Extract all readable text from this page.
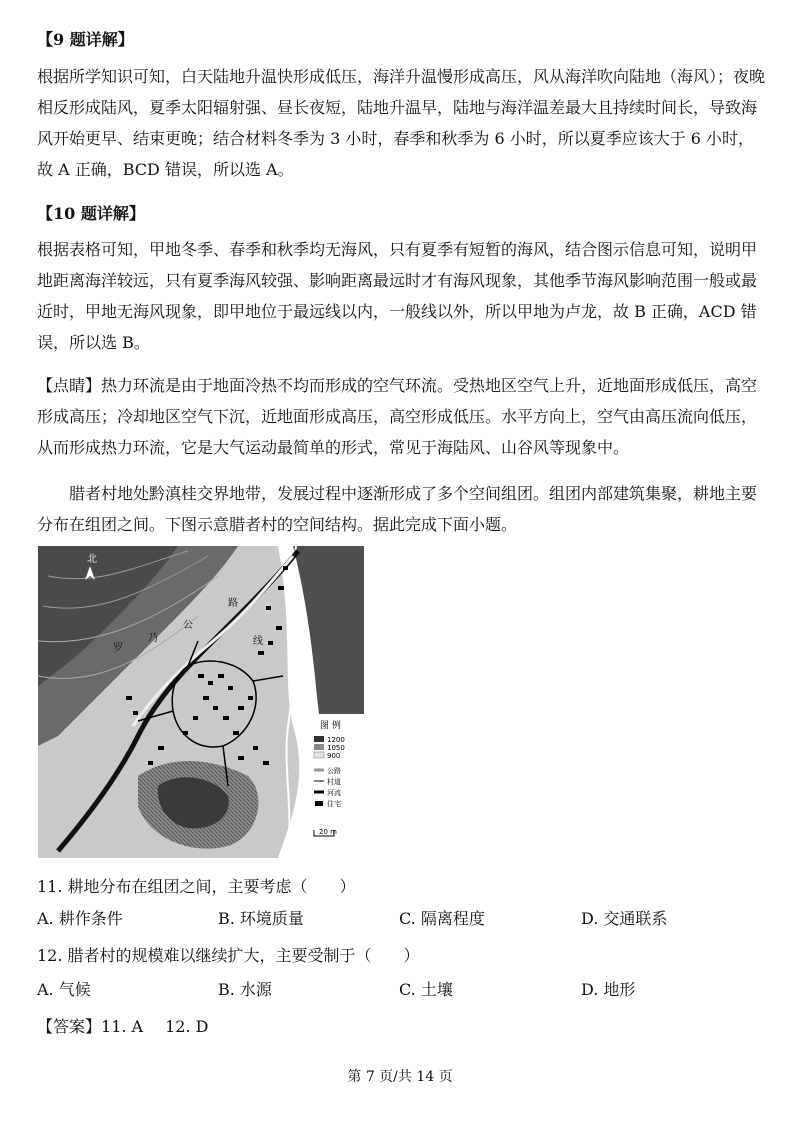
【9 题详解】

根据所学知识可知，白天陆地升温快形成低压，海洋升温慢形成高压，风从海洋吹向陆地（海风）；夜晚相反形成陆风，夏季太阳辐射强、昼长夜短，陆地升温早，陆地与海洋温差最大且持续时间长，导致海风开始更早、结束更晚；结合材料冬季为 3 小时，春季和秋季为 6 小时，所以夏季应该大于 6 小时，故 A 正确，BCD 错误，所以选 A。

【10 题详解】

根据表格可知，甲地冬季、春季和秋季均无海风，只有夏季有短暂的海风，结合图示信息可知，说明甲地距离海洋较远，只有夏季海风较强、影响距离最远时才有海风现象，其他季节海风影响范围一般或最近时，甲地无海风现象，即甲地位于最远线以内，一般线以外，所以甲地为卢龙，故 B 正确，ACD 错误，所以选 B。

【点睛】热力环流是由于地面冷热不均而形成的空气环流。受热地区空气上升，近地面形成低压，高空形成高压；冷却地区空气下沉，近地面形成高压，高空形成低压。水平方向上，空气由高压流向低压，从而形成热力环流，它是大气运动最简单的形式，常见于海陆风、山谷风等现象中。

腊者村地处黔滇桂交界地带，发展过程中逐渐形成了多个空间组团。组团内部建筑集聚，耕地主要分布在组团之间。下图示意腊者村的空间结构。据此完成下面小题。

北
公
路
乃
罗
线
图 例
1200
1050
900
公路
村道
河流
住宅
20 m

11. 耕地分布在组团之间，主要考虑（　　）

A. 耕作条件	B. 环境质量	C. 隔离程度	D. 交通联系

12. 腊者村的规模难以继续扩大，主要受制于（　　）

A. 气候	B. 水源	C. 土壤	D. 地形

【答案】11. A 12. D

第 7 页/共 14 页
